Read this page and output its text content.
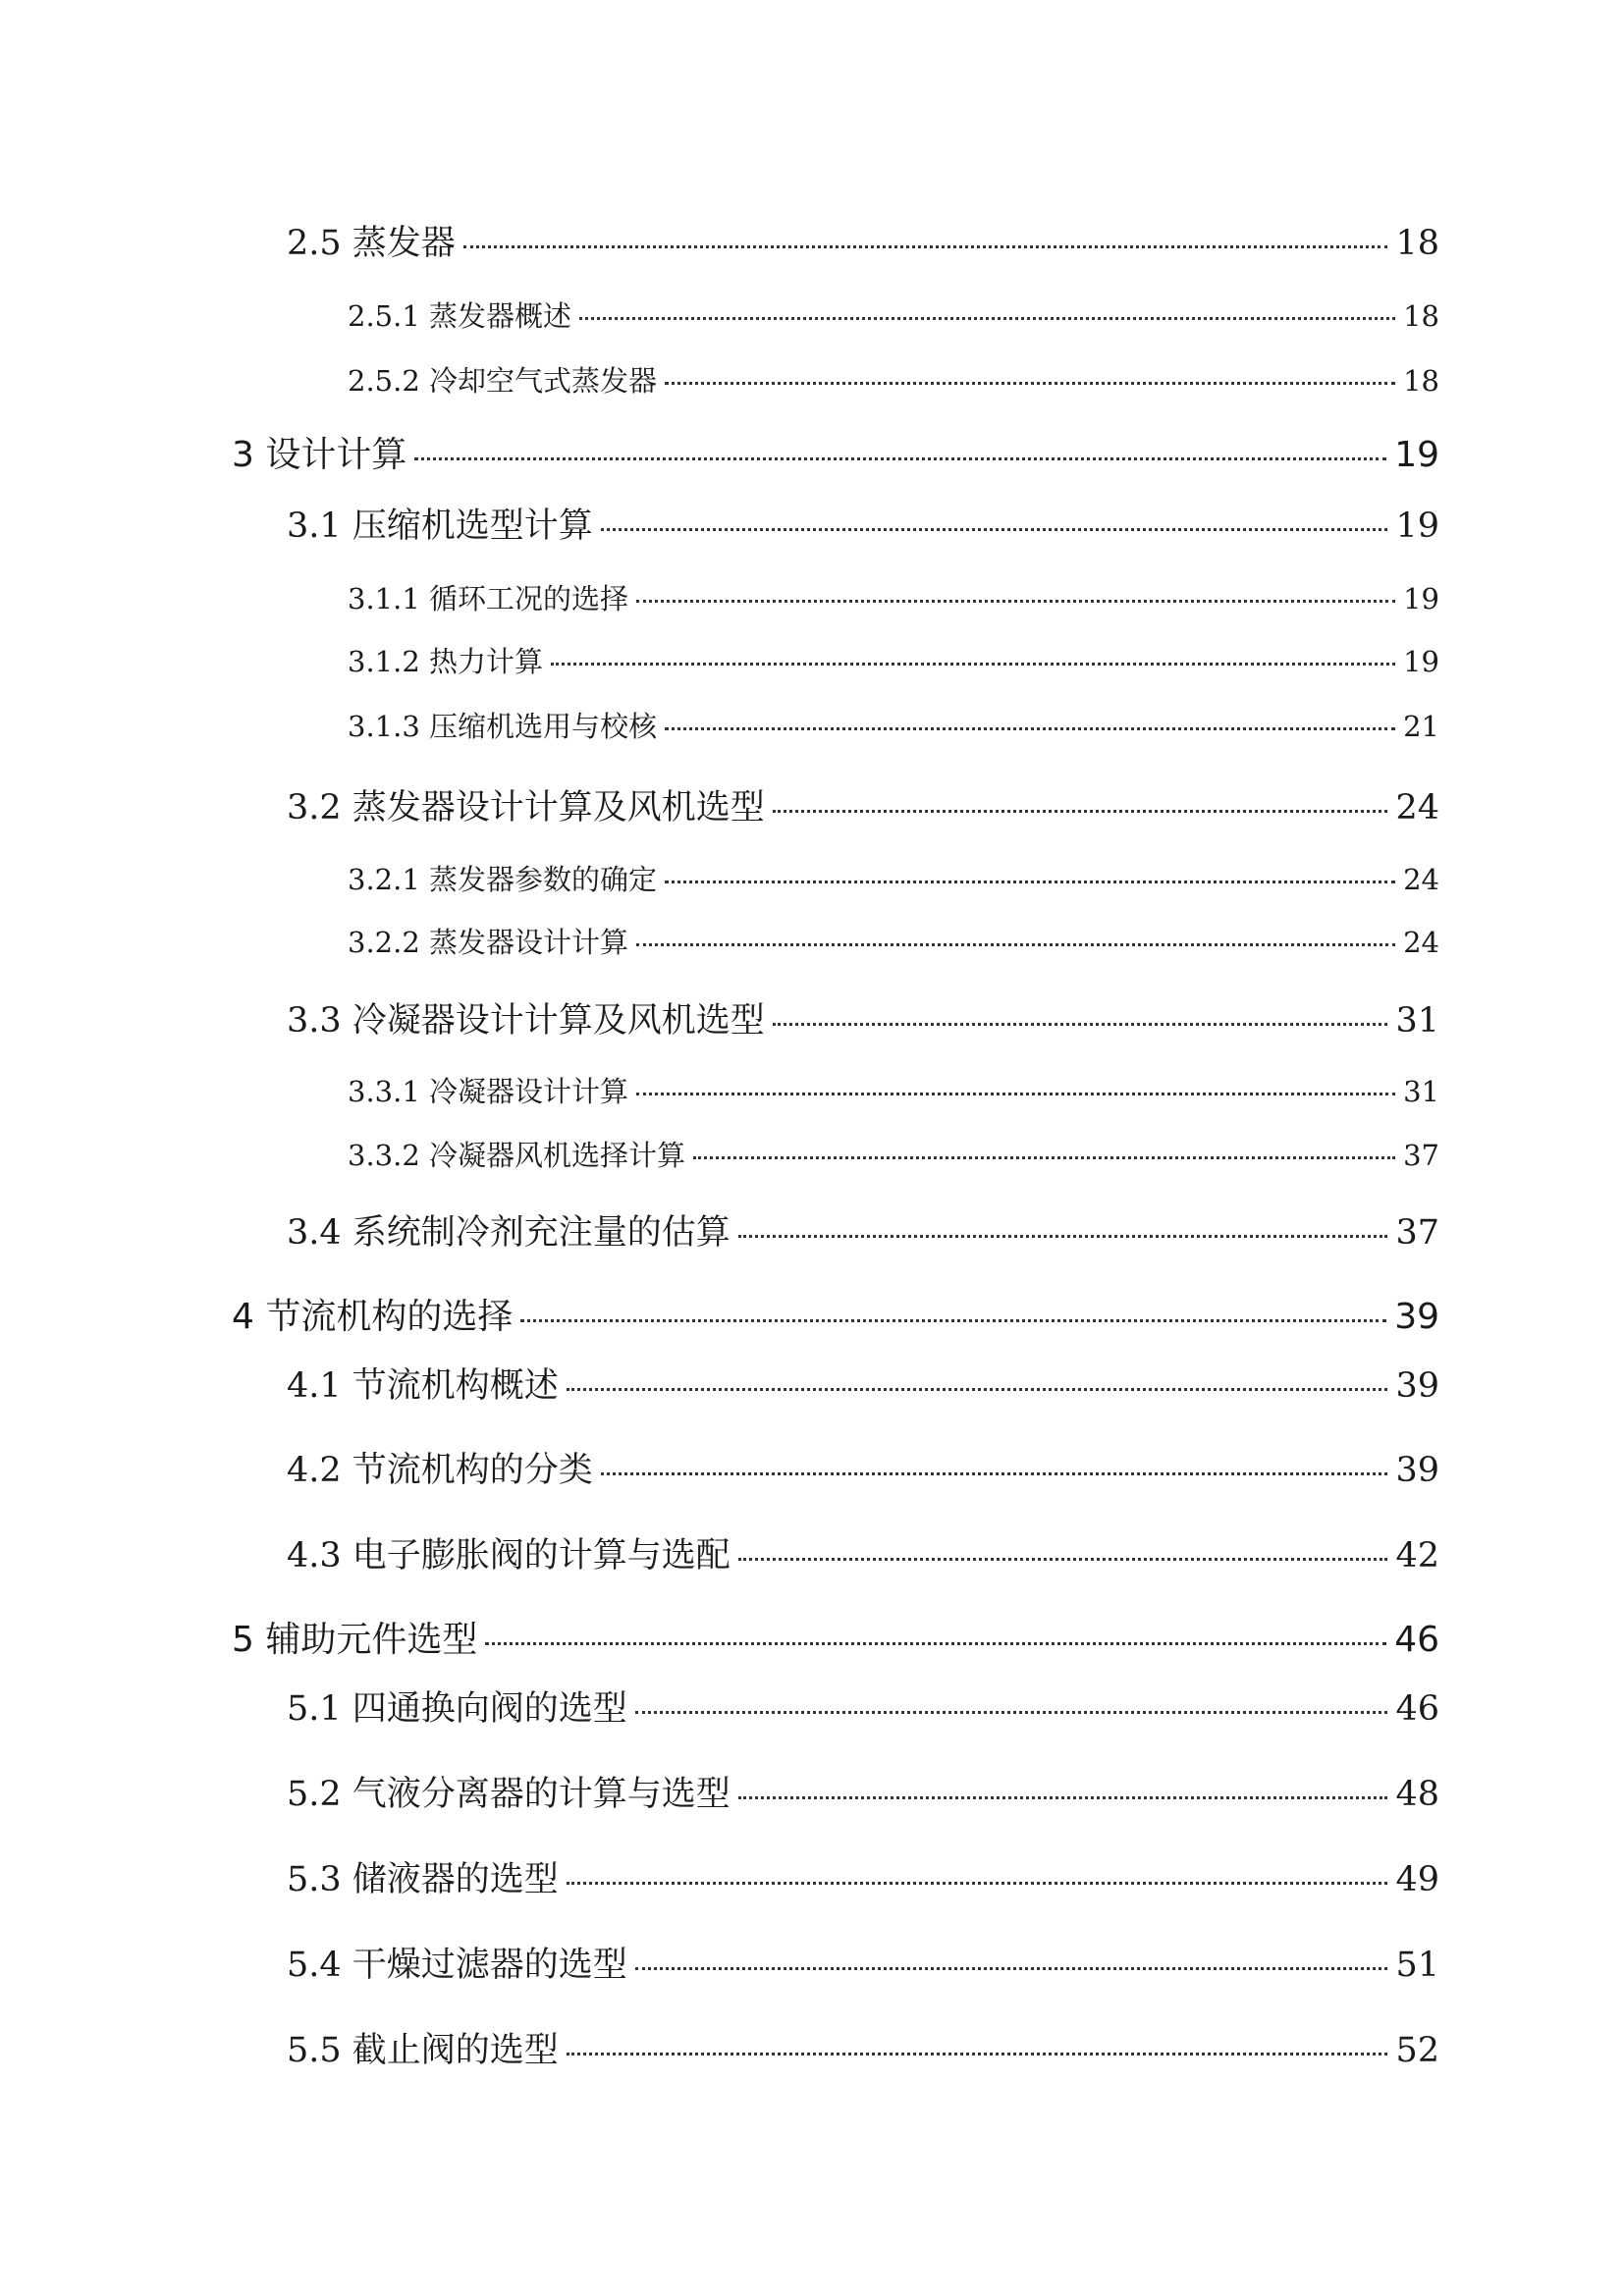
2.5 蒸发器	18
2.5.1 蒸发器概述	18
2.5.2 冷却空气式蒸发器	18
3 设计计算	19
3.1 压缩机选型计算	19
3.1.1 循环工况的选择	19
3.1.2 热力计算	19
3.1.3 压缩机选用与校核	21
3.2 蒸发器设计计算及风机选型	24
3.2.1 蒸发器参数的确定	24
3.2.2 蒸发器设计计算	24
3.3 冷凝器设计计算及风机选型	31
3.3.1 冷凝器设计计算	31
3.3.2 冷凝器风机选择计算	37
3.4 系统制冷剂充注量的估算	37
4 节流机构的选择	39
4.1 节流机构概述	39
4.2 节流机构的分类	39
4.3 电子膨胀阀的计算与选配	42
5 辅助元件选型	46
5.1 四通换向阀的选型	46
5.2 气液分离器的计算与选型	48
5.3 储液器的选型	49
5.4 干燥过滤器的选型	51
5.5 截止阀的选型	52
